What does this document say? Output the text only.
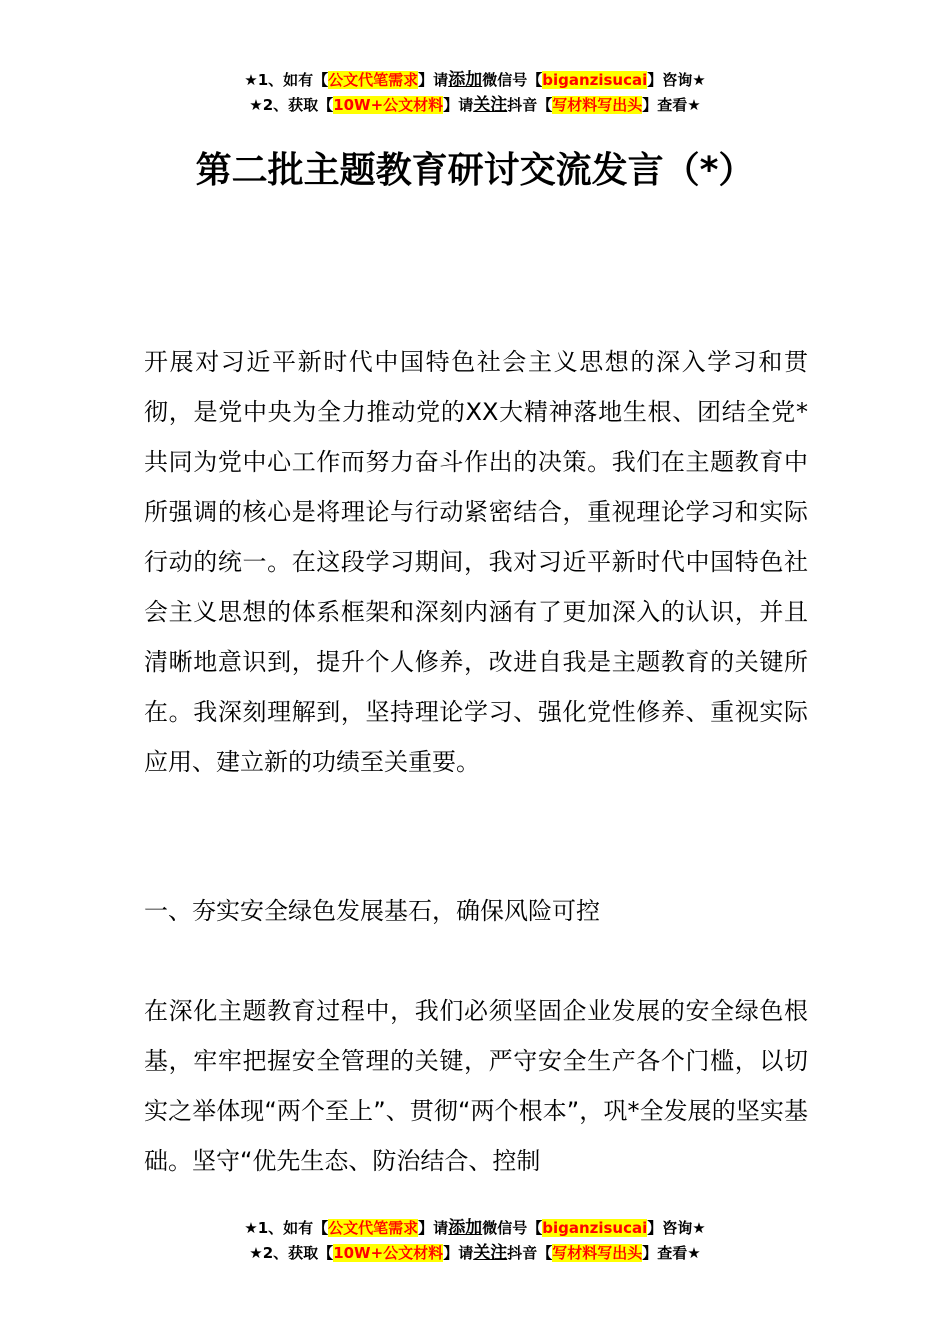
★1、如有【公文代笔需求】请添加微信号【biganzisucai】咨询★
★2、获取【10W+公文材料】请关注抖音【写材料写出头】查看★
第二批主题教育研讨交流发言（*）
开展对习近平新时代中国特色社会主义思想的深入学习和贯彻，是党中央为全力推动党的XX大精神落地生根、团结全党*共同为党中心工作而努力奋斗作出的决策。我们在主题教育中所强调的核心是将理论与行动紧密结合，重视理论学习和实际行动的统一。在这段学习期间，我对习近平新时代中国特色社会主义思想的体系框架和深刻内涵有了更加深入的认识，并且清晰地意识到，提升个人修养，改进自我是主题教育的关键所在。我深刻理解到，坚持理论学习、强化党性修养、重视实际应用、建立新的功绩至关重要。
一、夯实安全绿色发展基石，确保风险可控
在深化主题教育过程中，我们必须坚固企业发展的安全绿色根基，牢牢把握安全管理的关键，严守安全生产各个门槛，以切实之举体现“两个至上”、贯彻“两个根本”，巩*全发展的坚实基础。坚守“优先生态、防治结合、控制
★1、如有【公文代笔需求】请添加微信号【biganzisucai】咨询★
★2、获取【10W+公文材料】请关注抖音【写材料写出头】查看★
